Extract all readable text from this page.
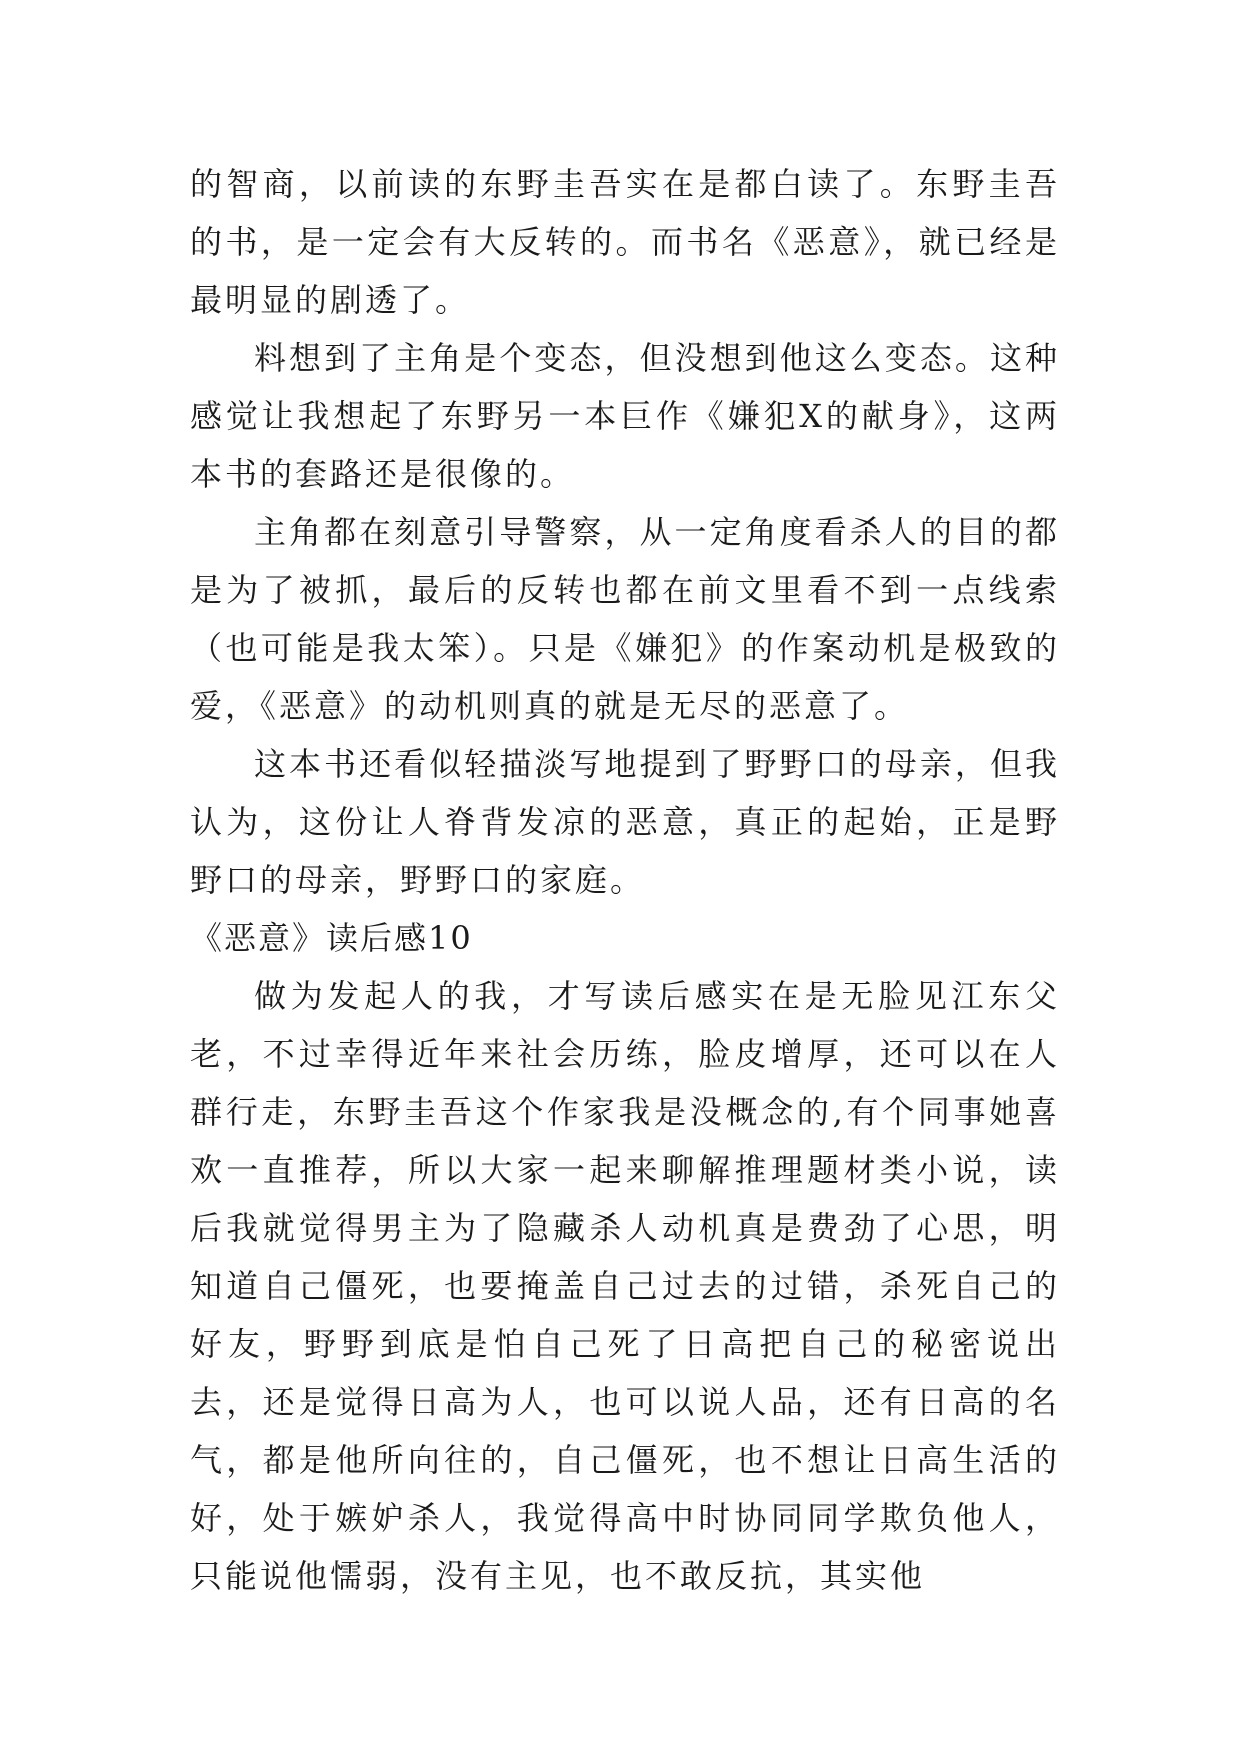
的智商，以前读的东野圭吾实在是都白读了。东野圭吾的书，是一定会有大反转的。而书名《恶意》，就已经是最明显的剧透了。

料想到了主角是个变态，但没想到他这么变态。这种感觉让我想起了东野另一本巨作《嫌犯X的献身》，这两本书的套路还是很像的。

主角都在刻意引导警察，从一定角度看杀人的目的都是为了被抓，最后的反转也都在前文里看不到一点线索（也可能是我太笨）。只是《嫌犯》的作案动机是极致的爱，《恶意》的动机则真的就是无尽的恶意了。

这本书还看似轻描淡写地提到了野野口的母亲，但我认为，这份让人脊背发凉的恶意，真正的起始，正是野野口的母亲，野野口的家庭。

《恶意》读后感10

做为发起人的我，才写读后感实在是无脸见江东父老，不过幸得近年来社会历练，脸皮增厚，还可以在人群行走，东野圭吾这个作家我是没概念的,有个同事她喜欢一直推荐，所以大家一起来聊解推理题材类小说，读后我就觉得男主为了隐藏杀人动机真是费劲了心思，明知道自己僵死，也要掩盖自己过去的过错，杀死自己的好友，野野到底是怕自己死了日高把自己的秘密说出去，还是觉得日高为人，也可以说人品，还有日高的名气，都是他所向往的，自己僵死，也不想让日高生活的好，处于嫉妒杀人，我觉得高中时协同同学欺负他人，只能说他懦弱，没有主见，也不敢反抗，其实他
